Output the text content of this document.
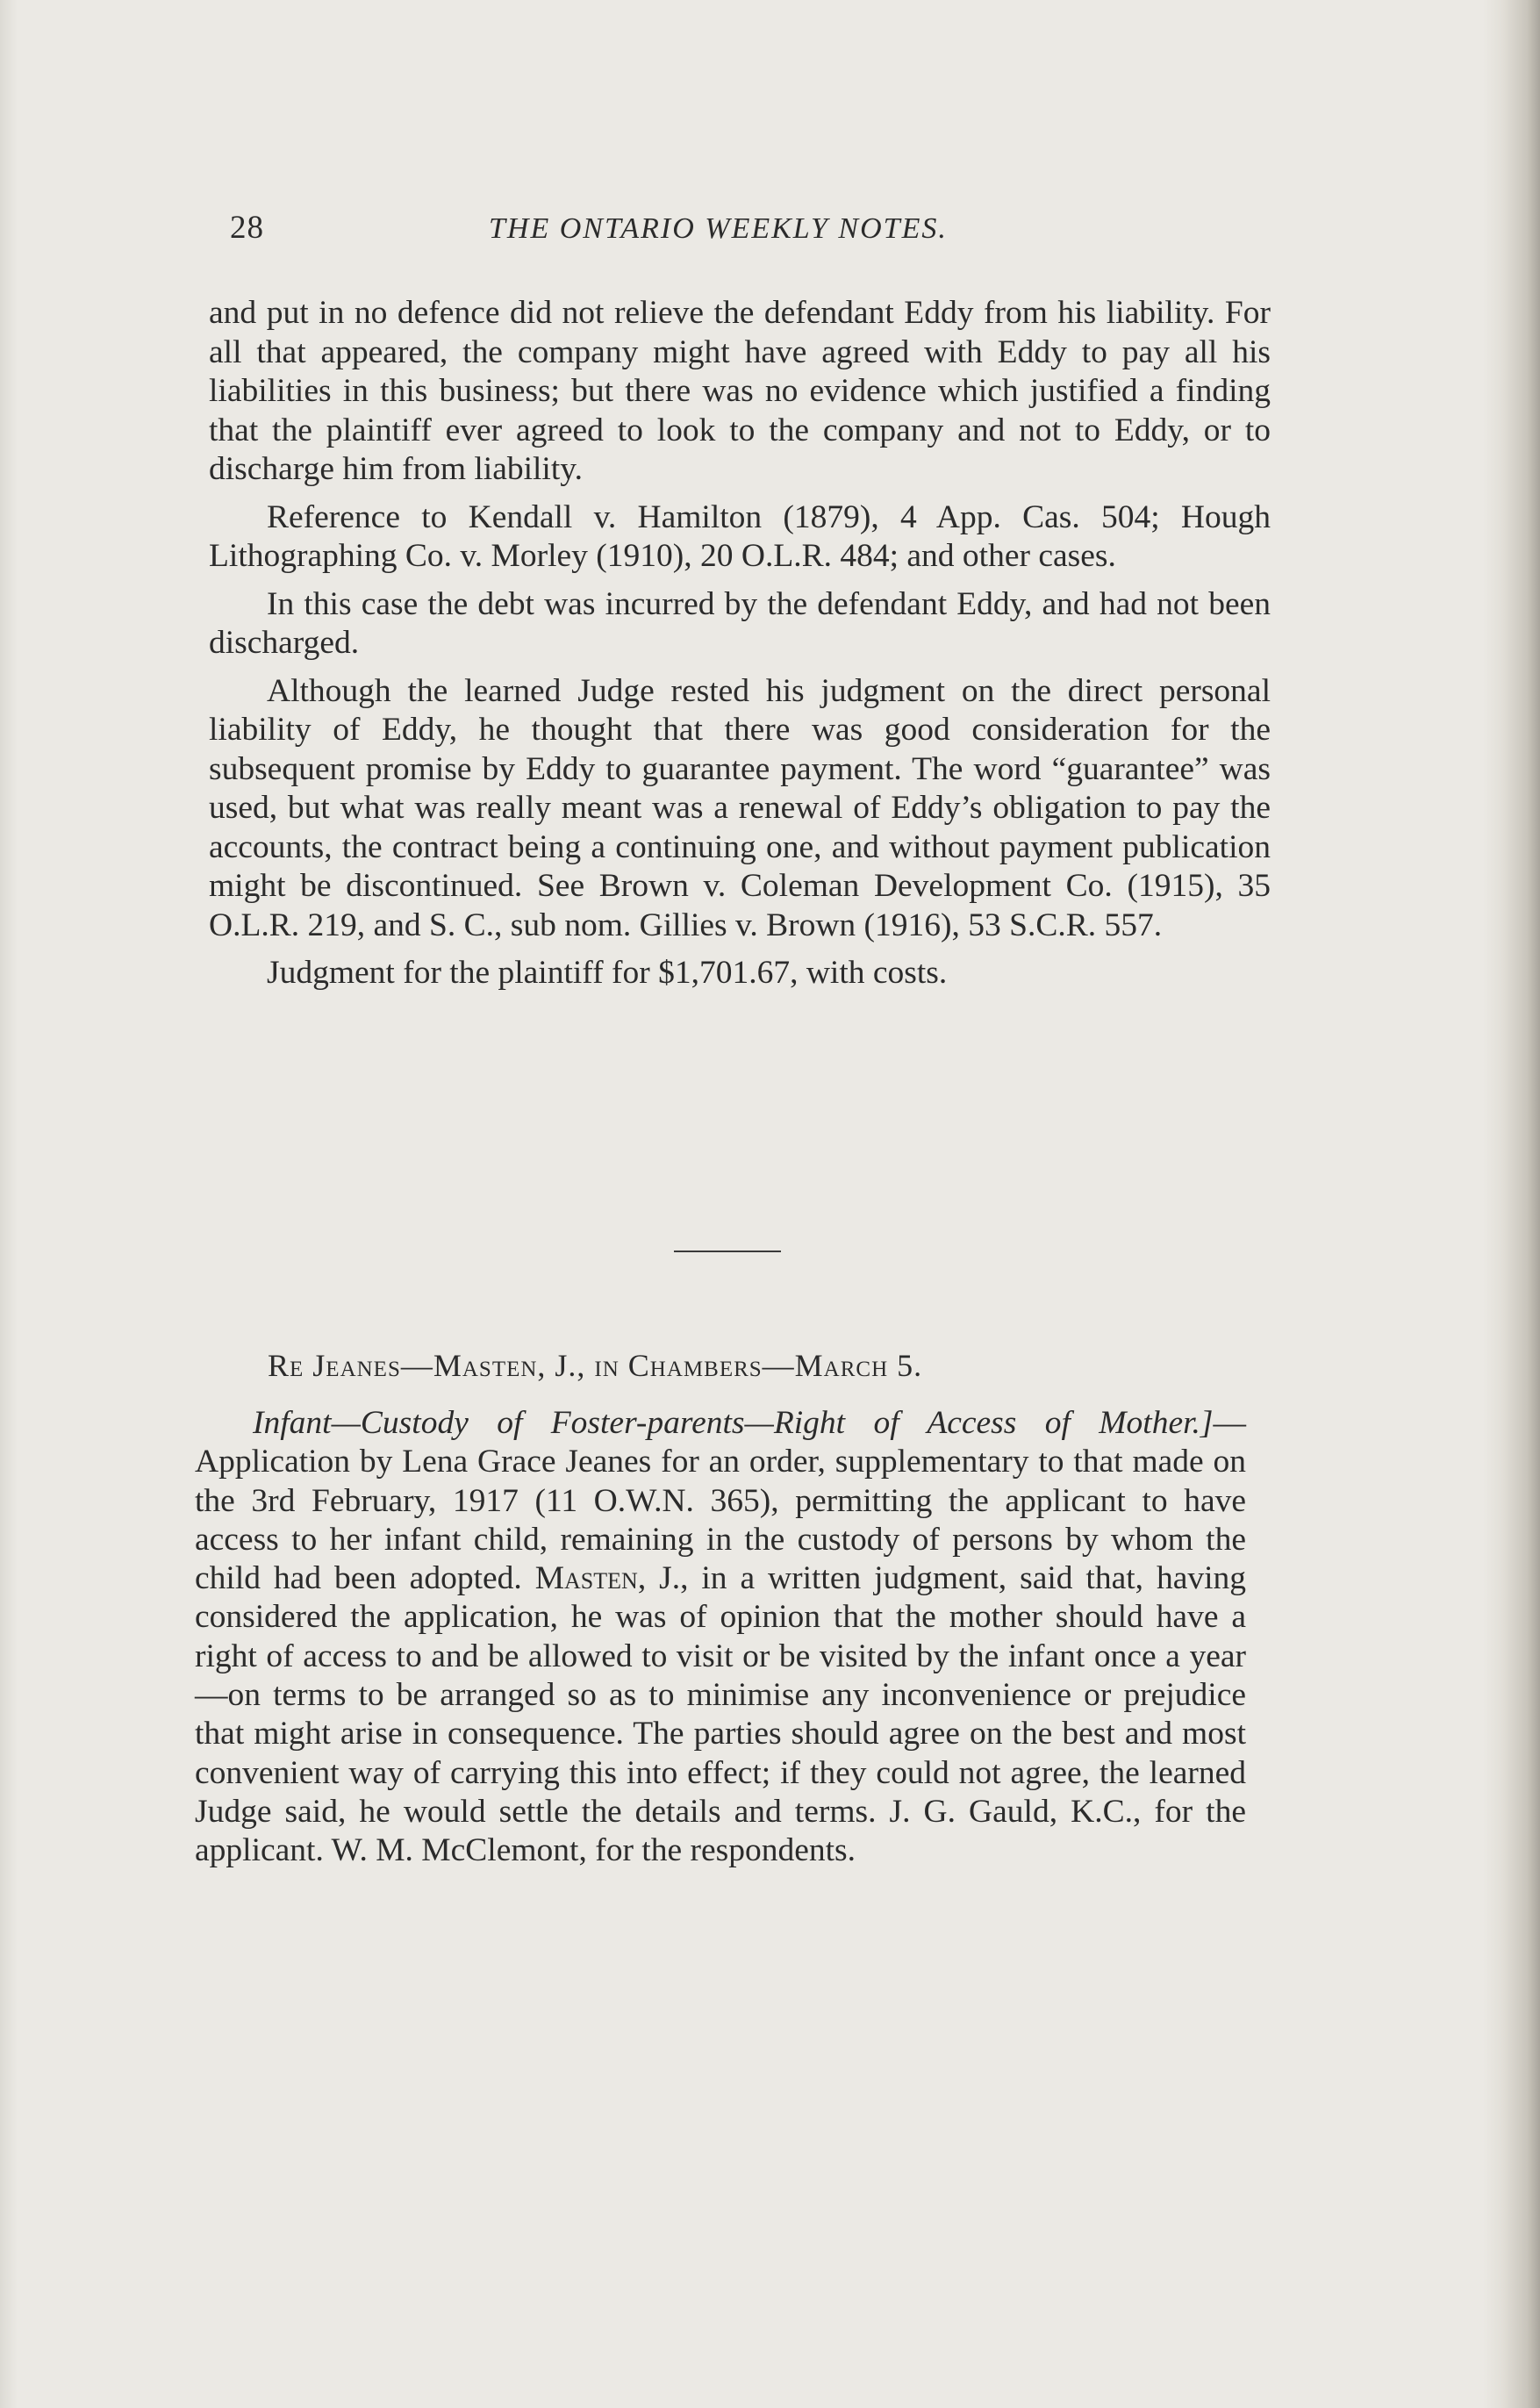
28	THE ONTARIO WEEKLY NOTES.

and put in no defence did not relieve the defendant Eddy from his liability. For all that appeared, the company might have agreed with Eddy to pay all his liabilities in this business; but there was no evidence which justified a finding that the plaintiff ever agreed to look to the company and not to Eddy, or to discharge him from liability.

Reference to Kendall v. Hamilton (1879), 4 App. Cas. 504; Hough Lithographing Co. v. Morley (1910), 20 O.L.R. 484; and other cases.

In this case the debt was incurred by the defendant Eddy, and had not been discharged.

Although the learned Judge rested his judgment on the direct personal liability of Eddy, he thought that there was good consideration for the subsequent promise by Eddy to guarantee payment. The word “guarantee” was used, but what was really meant was a renewal of Eddy’s obligation to pay the accounts, the contract being a continuing one, and without payment publication might be discontinued. See Brown v. Coleman Development Co. (1915), 35 O.L.R. 219, and S. C., sub nom. Gillies v. Brown (1916), 53 S.C.R. 557.

Judgment for the plaintiff for $1,701.67, with costs.

Re Jeanes—Masten, J., in Chambers—March 5.

Infant—Custody of Foster-parents—Right of Access of Mother.]—Application by Lena Grace Jeanes for an order, supplementary to that made on the 3rd February, 1917 (11 O.W.N. 365), permitting the applicant to have access to her infant child, remaining in the custody of persons by whom the child had been adopted. Masten, J., in a written judgment, said that, having considered the application, he was of opinion that the mother should have a right of access to and be allowed to visit or be visited by the infant once a year—on terms to be arranged so as to minimise any inconvenience or prejudice that might arise in consequence. The parties should agree on the best and most convenient way of carrying this into effect; if they could not agree, the learned Judge said, he would settle the details and terms. J. G. Gauld, K.C., for the applicant. W. M. McClemont, for the respondents.
